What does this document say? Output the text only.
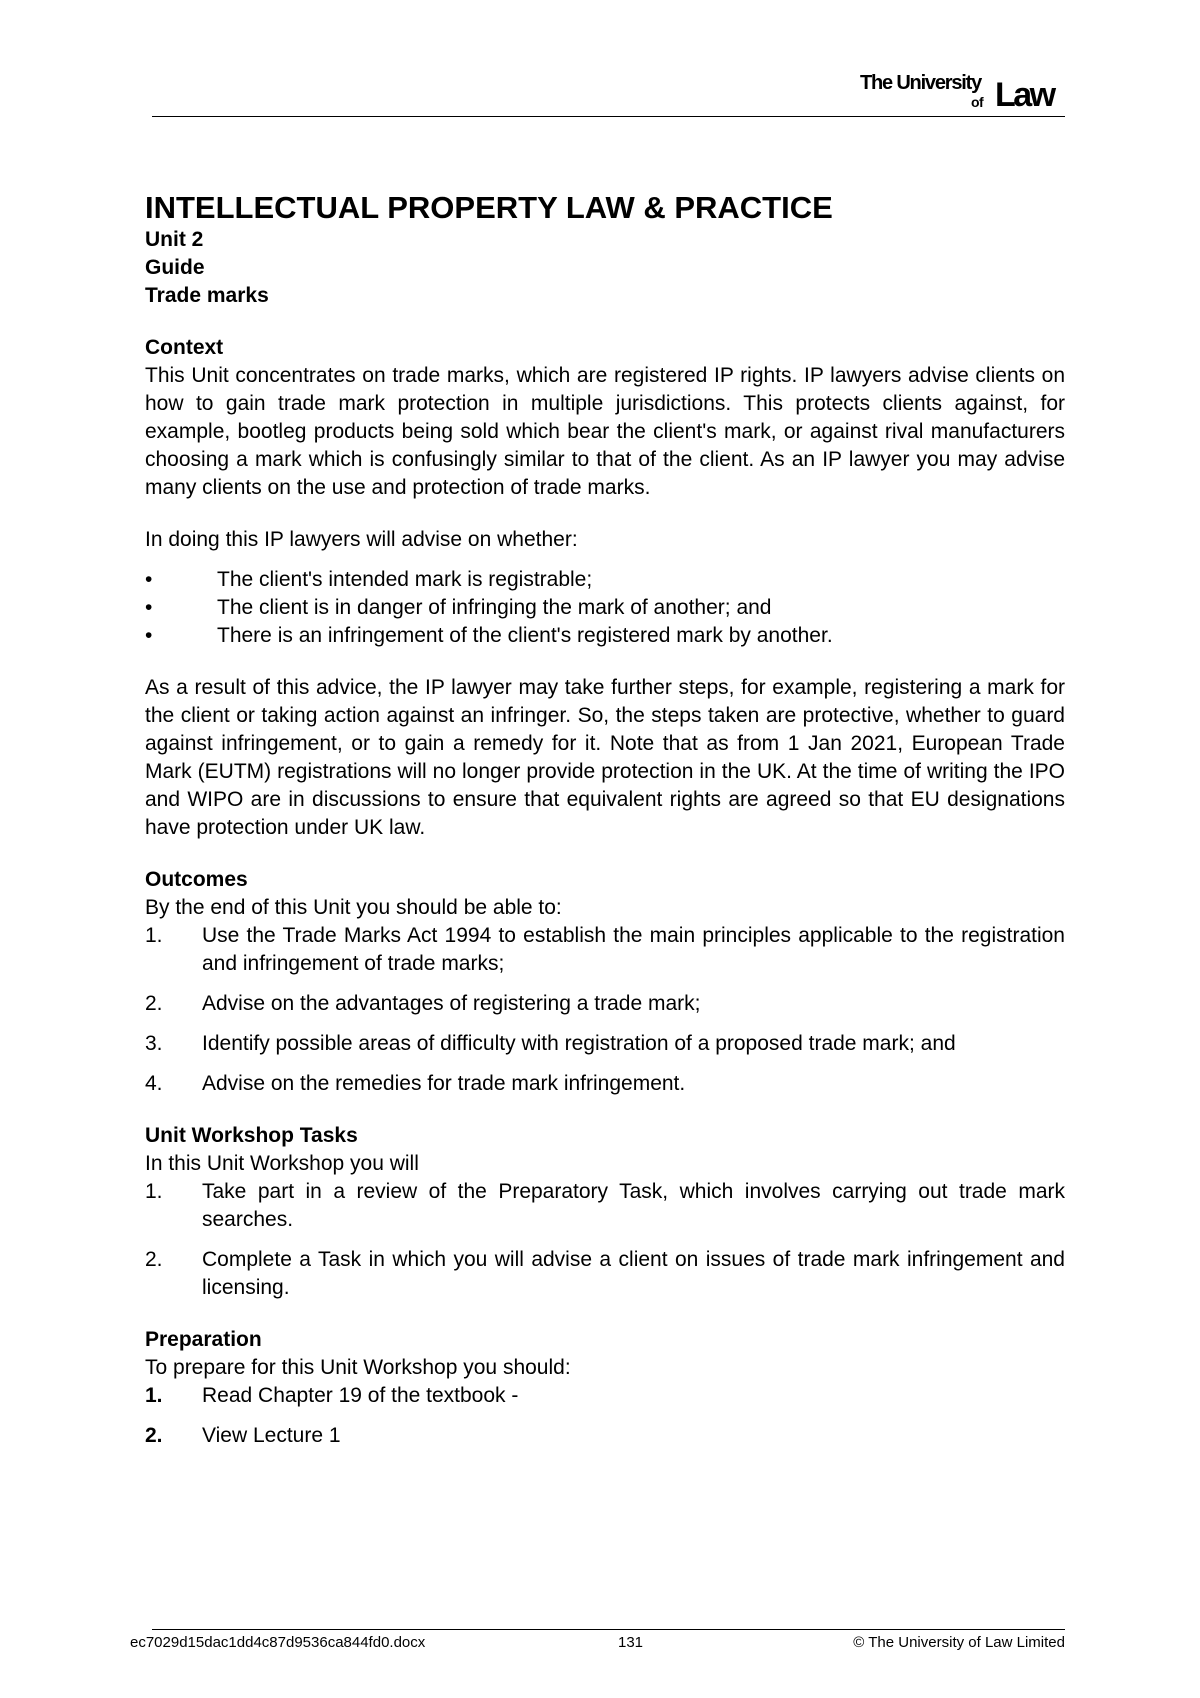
The University
of Law
INTELLECTUAL PROPERTY LAW & PRACTICE
Unit 2
Guide
Trade marks
Context

This Unit concentrates on trade marks, which are registered IP rights. IP lawyers advise clients on how to gain trade mark protection in multiple jurisdictions. This protects clients against, for example, bootleg products being sold which bear the client's mark, or against rival manufacturers choosing a mark which is confusingly similar to that of the client. As an IP lawyer you may advise many clients on the use and protection of trade marks.

In doing this IP lawyers will advise on whether:

•	The client's intended mark is registrable;
•	The client is in danger of infringing the mark of another; and
•	There is an infringement of the client's registered mark by another.

As a result of this advice, the IP lawyer may take further steps, for example, registering a mark for the client or taking action against an infringer. So, the steps taken are protective, whether to guard against infringement, or to gain a remedy for it. Note that as from 1 Jan 2021, European Trade Mark (EUTM) registrations will no longer provide protection in the UK. At the time of writing the IPO and WIPO are in discussions to ensure that equivalent rights are agreed so that EU designations have protection under UK law.

Outcomes

By the end of this Unit you should be able to:

1.	Use the Trade Marks Act 1994 to establish the main principles applicable to the registration and infringement of trade marks;
2.	Advise on the advantages of registering a trade mark;
3.	Identify possible areas of difficulty with registration of a proposed trade mark; and
4.	Advise on the remedies for trade mark infringement.
Unit Workshop Tasks

In this Unit Workshop you will

1.	Take part in a review of the Preparatory Task, which involves carrying out trade mark searches.
2.	Complete a Task in which you will advise a client on issues of trade mark infringement and licensing.
Preparation

To prepare for this Unit Workshop you should:

1.	Read Chapter 19 of the textbook -
2.	View Lecture 1
ec7029d15dac1dd4c87d9536ca844fd0.docx	131	© The University of Law Limited
